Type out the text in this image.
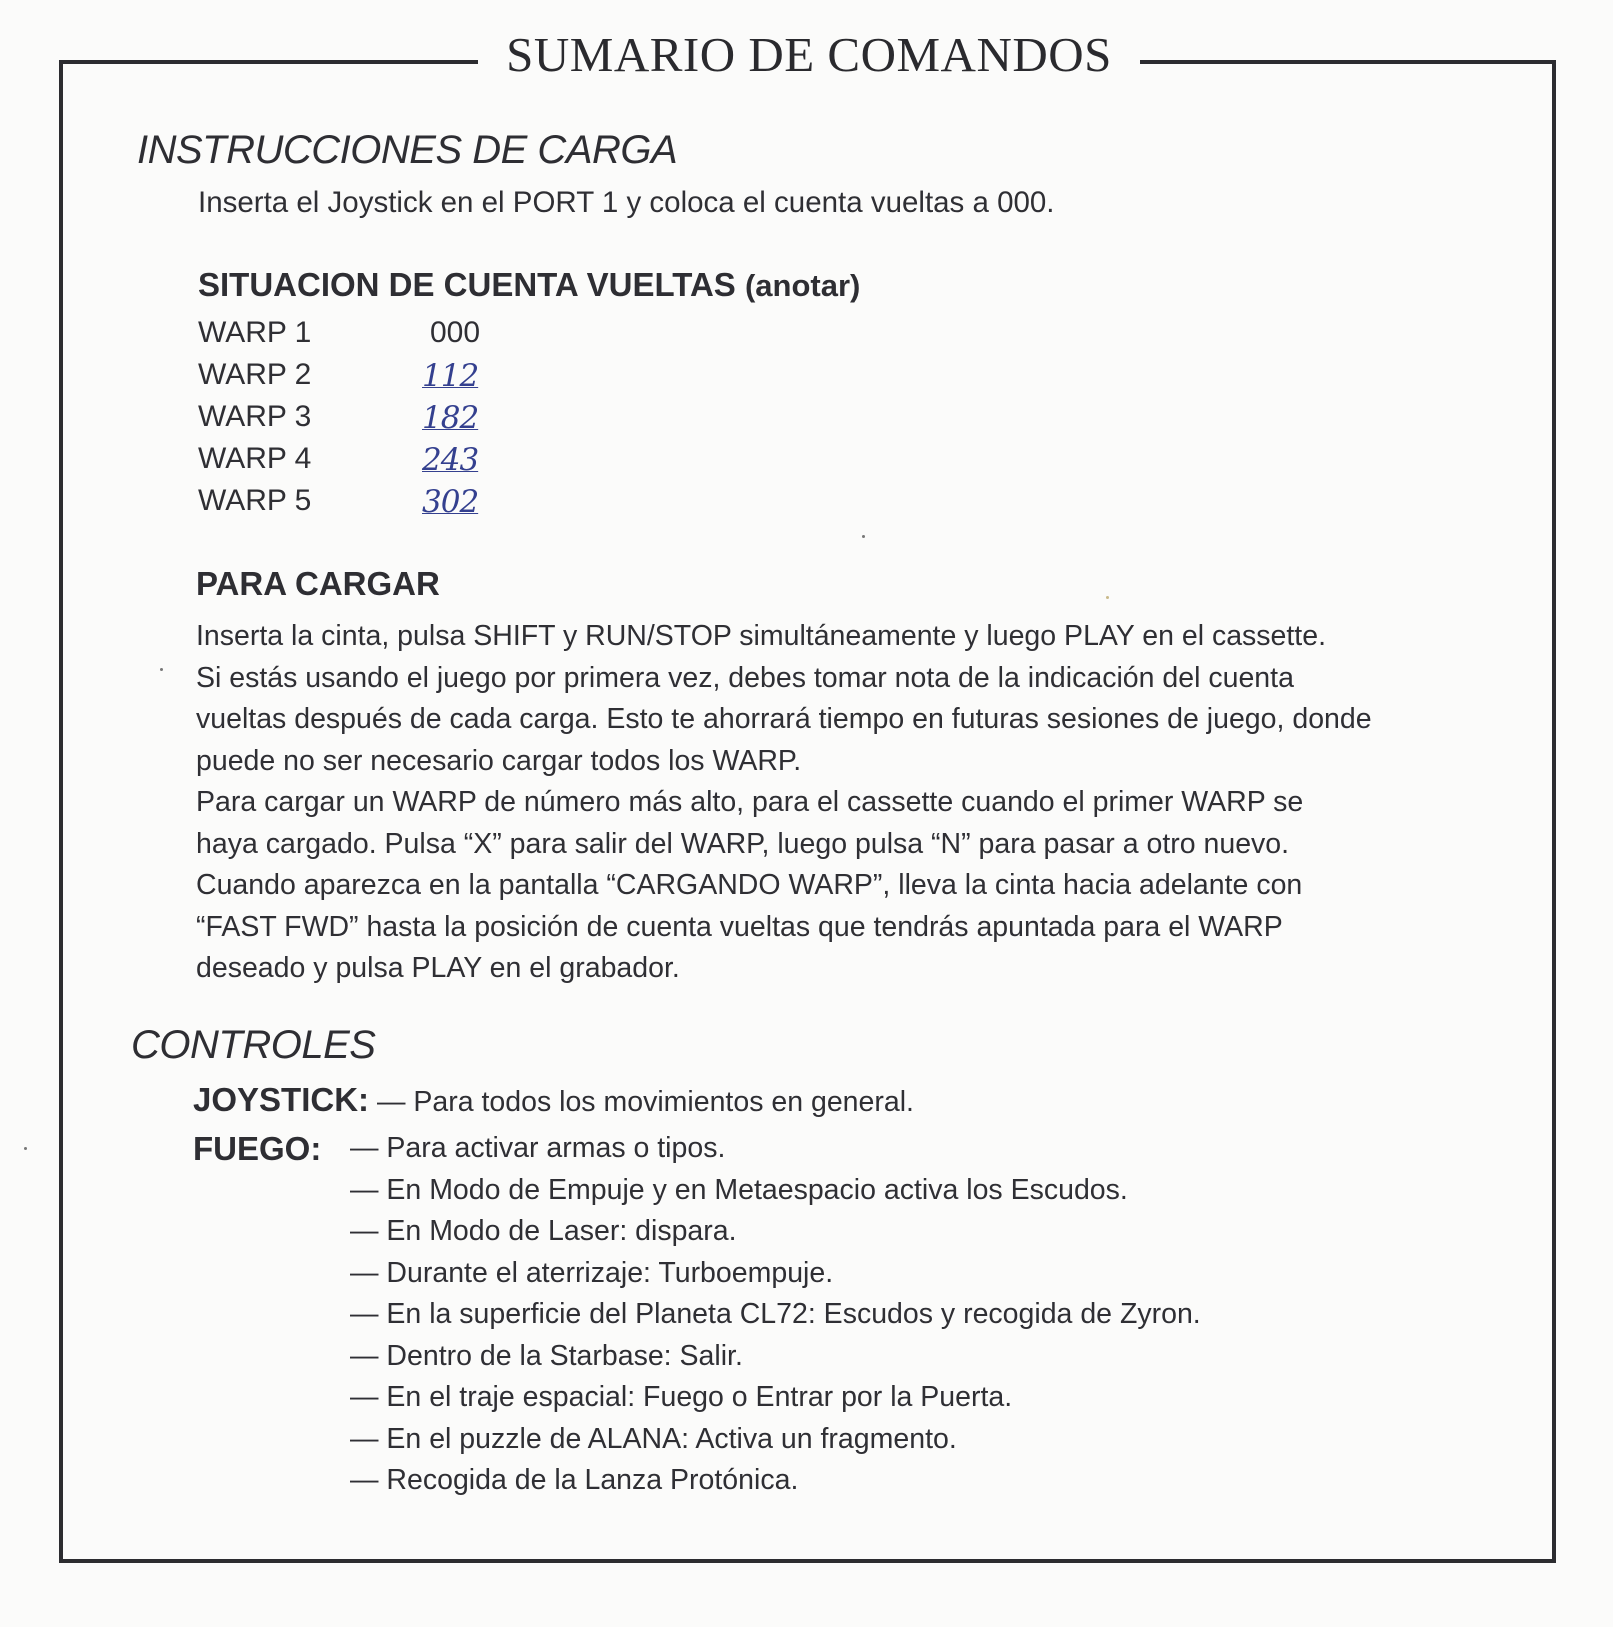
SUMARIO DE COMANDOS
INSTRUCCIONES DE CARGA
Inserta el Joystick en el PORT 1 y coloca el cuenta vueltas a 000.
SITUACION DE CUENTA VUELTAS (anotar)
WARP 1	000
WARP 2	112
WARP 3	182
WARP 4	243
WARP 5	302
PARA CARGAR
Inserta la cinta, pulsa SHIFT y RUN/STOP simultáneamente y luego PLAY en el cassette.
Si estás usando el juego por primera vez, debes tomar nota de la indicación del cuenta
vueltas después de cada carga. Esto te ahorrará tiempo en futuras sesiones de juego, donde
puede no ser necesario cargar todos los WARP.
Para cargar un WARP de número más alto, para el cassette cuando el primer WARP se
haya cargado. Pulsa “X” para salir del WARP, luego pulsa “N” para pasar a otro nuevo.
Cuando aparezca en la pantalla “CARGANDO WARP”, lleva la cinta hacia adelante con
“FAST FWD” hasta la posición de cuenta vueltas que tendrás apuntada para el WARP
deseado y pulsa PLAY en el grabador.
CONTROLES
JOYSTICK: — Para todos los movimientos en general.
FUEGO: — Para activar armas o tipos.
— En Modo de Empuje y en Metaespacio activa los Escudos.
— En Modo de Laser: dispara.
— Durante el aterrizaje: Turboempuje.
— En la superficie del Planeta CL72: Escudos y recogida de Zyron.
— Dentro de la Starbase: Salir.
— En el traje espacial: Fuego o Entrar por la Puerta.
— En el puzzle de ALANA: Activa un fragmento.
— Recogida de la Lanza Protónica.
